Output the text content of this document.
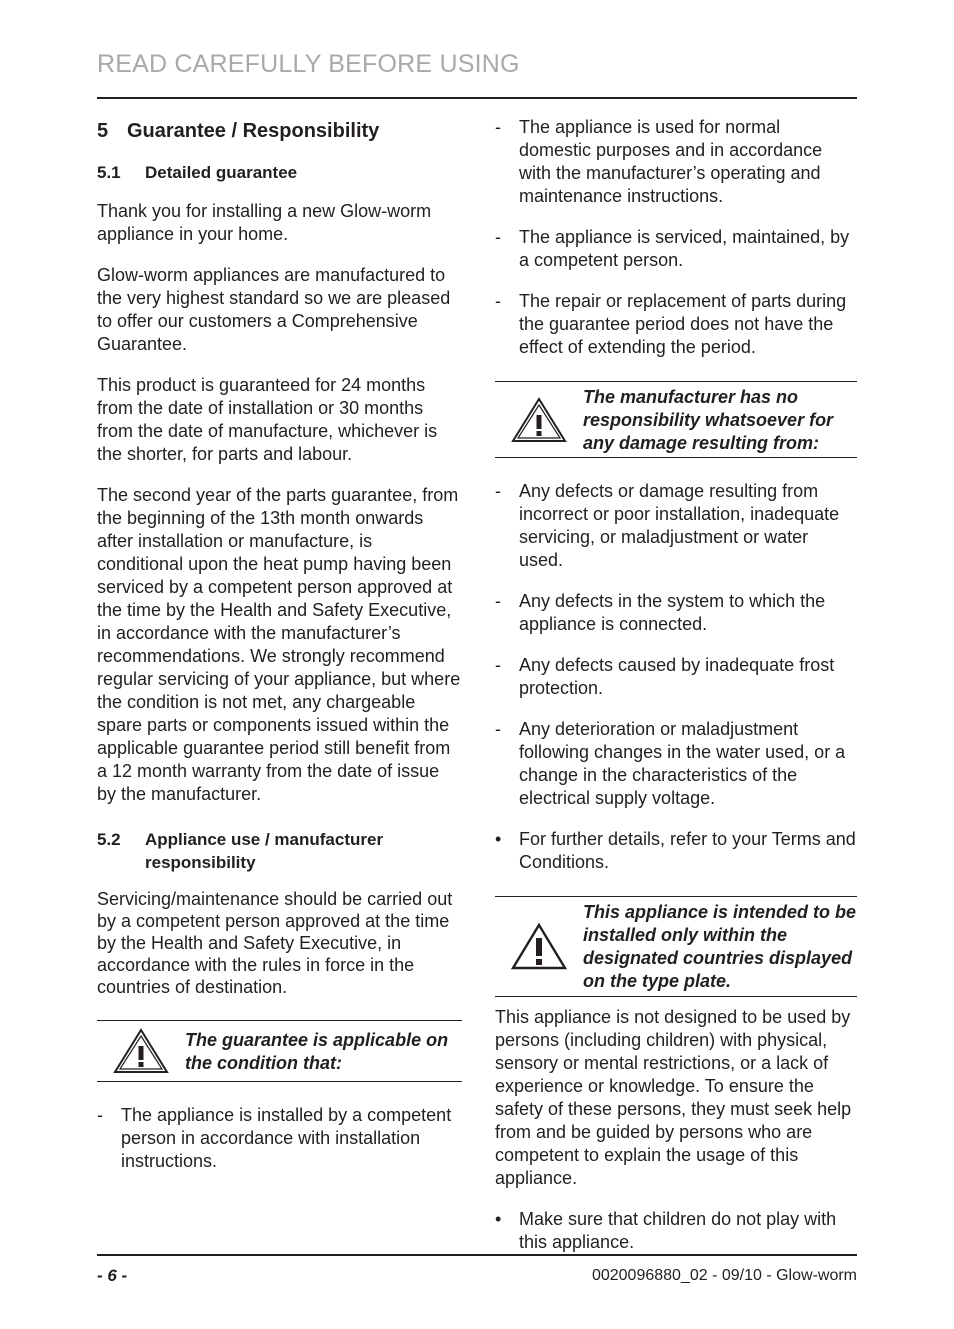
READ CAREFULLY BEFORE USING
5 Guarantee / Responsibility
5.1	Detailed guarantee

Thank you for installing a new Glow-worm appliance in your home.

Glow-worm appliances are manufactured to the very highest standard so we are pleased to offer our customers a Comprehensive Guarantee.

This product is guaranteed for 24 months from the date of installation or 30 months from the date of manufacture, whichever is the shorter, for parts and labour.

The second year of the parts guarantee, from the beginning of the 13th month onwards after installation or manufacture, is conditional upon the heat pump having been serviced by a competent person approved at the time by the Health and Safety Executive, in accordance with the manufacturer’s recommendations. We strongly recommend regular servicing of your appliance, but where the condition is not met, any chargeable spare parts or components issued within the applicable guarantee period still benefit from a 12 month warranty from the date of issue by the manufacturer.

5.2	Appliance use / manufacturer responsibility

Servicing/maintenance should be carried out by a competent person approved at the time by the Health and Safety Executive, in accordance with the rules in force in the countries of destination.

The guarantee is applicable on the condition that:
-	The appliance is installed by a competent person in accordance with installation instructions.
-	The appliance is used for normal domestic purposes and in accordance with the manufacturer’s operating and maintenance instructions.
-	The appliance is serviced, maintained, by a competent person.
-	The repair or replacement of parts during the guarantee period does not have the effect of extending the period.
The manufacturer has no responsibility whatsoever for any damage resulting from:
-	Any defects or damage resulting from incorrect or poor installation, inadequate servicing, or maladjustment or water used.
-	Any defects in the system to which the appliance is connected.
-	Any defects caused by inadequate frost protection.
-	Any deterioration or maladjustment following changes in the water used, or a change in the characteristics of the electrical supply voltage.
• For further details, refer to your Terms and Conditions.
This appliance is intended to be installed only within the designated countries displayed on the type plate.

This appliance is not designed to be used by persons (including children) with physical, sensory or mental restrictions, or a lack of experience or knowledge. To ensure the safety of these persons, they must seek help from and be guided by persons who are competent to explain the usage of this appliance.

• Make sure that children do not play with this appliance.
- 6 -	0020096880_02 - 09/10 - Glow-worm
